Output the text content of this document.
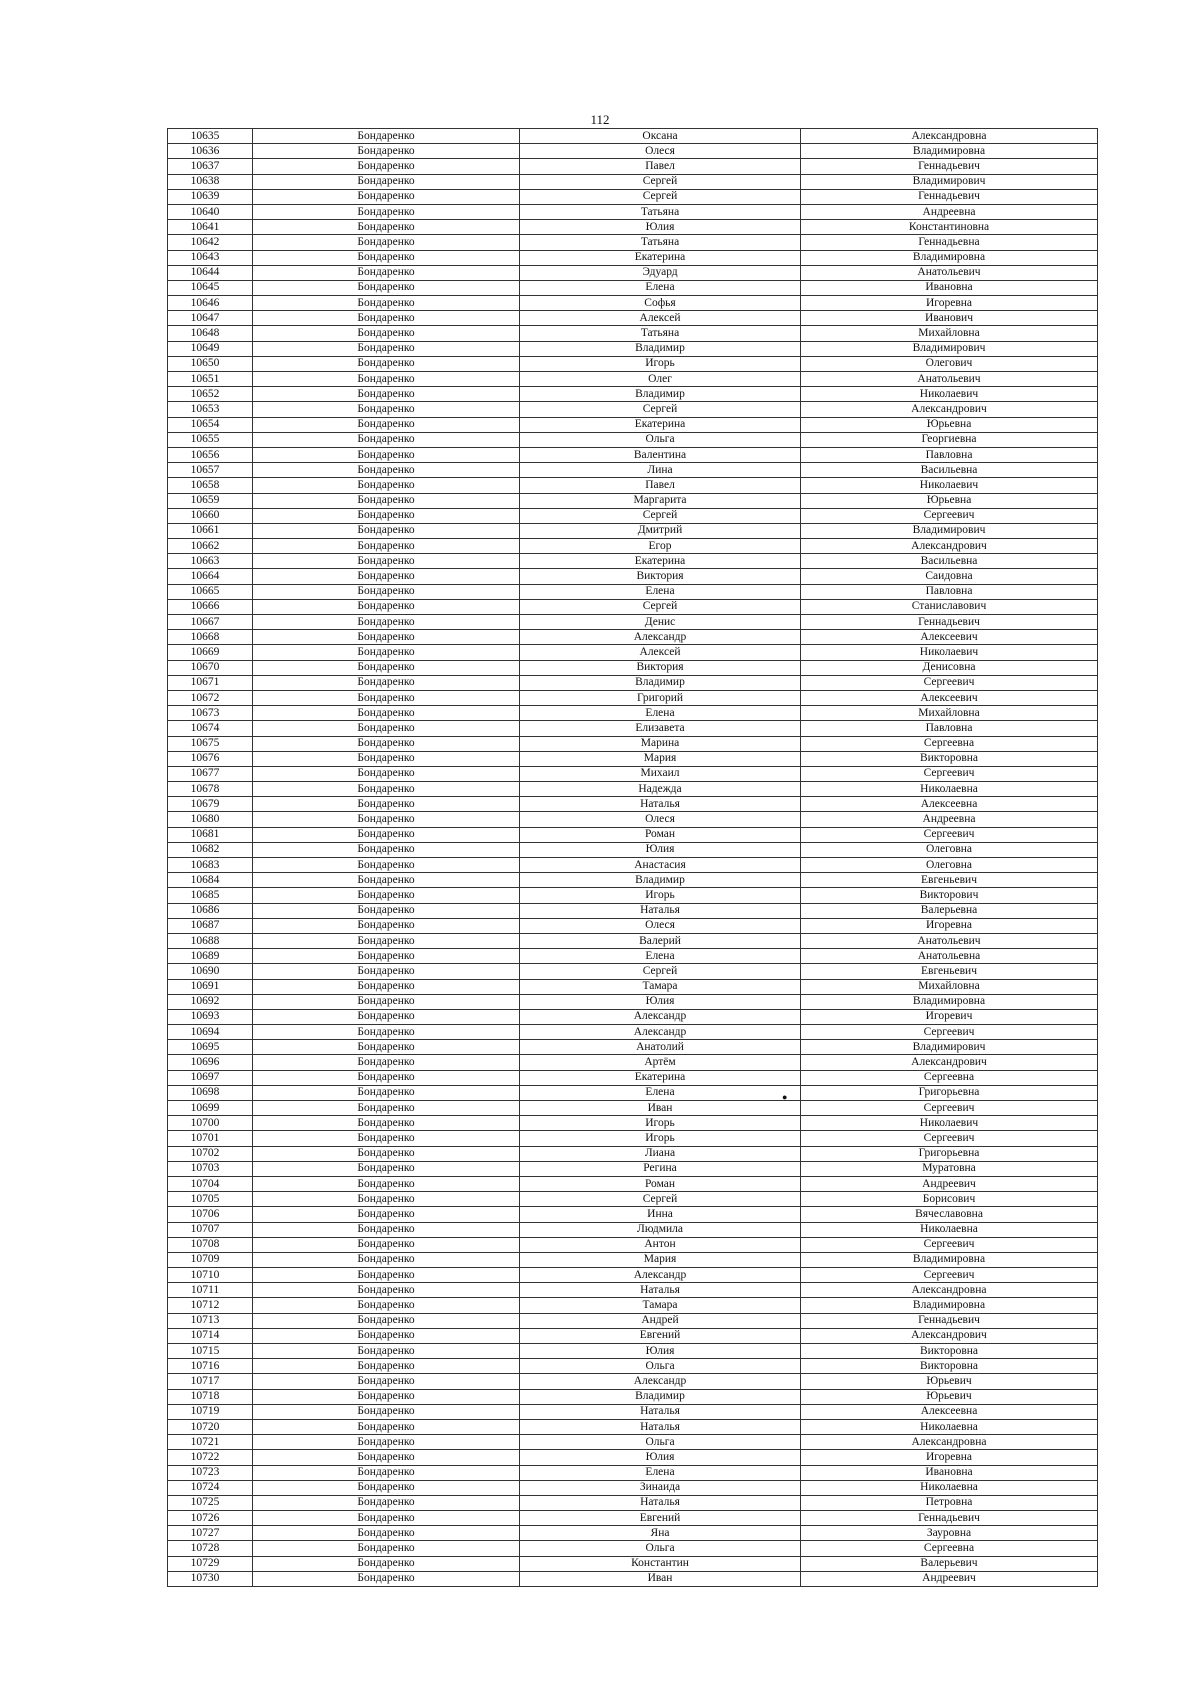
112
10635	Бондаренко	Оксана	Александровна
10636	Бондаренко	Олеся	Владимировна
10637	Бондаренко	Павел	Геннадьевич
10638	Бондаренко	Сергей	Владимирович
10639	Бондаренко	Сергей	Геннадьевич
10640	Бондаренко	Татьяна	Андреевна
10641	Бондаренко	Юлия	Константиновна
10642	Бондаренко	Татьяна	Геннадьевна
10643	Бондаренко	Екатерина	Владимировна
10644	Бондаренко	Эдуард	Анатольевич
10645	Бондаренко	Елена	Ивановна
10646	Бондаренко	Софья	Игоревна
10647	Бондаренко	Алексей	Иванович
10648	Бондаренко	Татьяна	Михайловна
10649	Бондаренко	Владимир	Владимирович
10650	Бондаренко	Игорь	Олегович
10651	Бондаренко	Олег	Анатольевич
10652	Бондаренко	Владимир	Николаевич
10653	Бондаренко	Сергей	Александрович
10654	Бондаренко	Екатерина	Юрьевна
10655	Бондаренко	Ольга	Георгиевна
10656	Бондаренко	Валентина	Павловна
10657	Бондаренко	Лина	Васильевна
10658	Бондаренко	Павел	Николаевич
10659	Бондаренко	Маргарита	Юрьевна
10660	Бондаренко	Сергей	Сергеевич
10661	Бондаренко	Дмитрий	Владимирович
10662	Бондаренко	Егор	Александрович
10663	Бондаренко	Екатерина	Васильевна
10664	Бондаренко	Виктория	Саидовна
10665	Бондаренко	Елена	Павловна
10666	Бондаренко	Сергей	Станиславович
10667	Бондаренко	Денис	Геннадьевич
10668	Бондаренко	Александр	Алексеевич
10669	Бондаренко	Алексей	Николаевич
10670	Бондаренко	Виктория	Денисовна
10671	Бондаренко	Владимир	Сергеевич
10672	Бондаренко	Григорий	Алексеевич
10673	Бондаренко	Елена	Михайловна
10674	Бондаренко	Елизавета	Павловна
10675	Бондаренко	Марина	Сергеевна
10676	Бондаренко	Мария	Викторовна
10677	Бондаренко	Михаил	Сергеевич
10678	Бондаренко	Надежда	Николаевна
10679	Бондаренко	Наталья	Алексеевна
10680	Бондаренко	Олеся	Андреевна
10681	Бондаренко	Роман	Сергеевич
10682	Бондаренко	Юлия	Олеговна
10683	Бондаренко	Анастасия	Олеговна
10684	Бондаренко	Владимир	Евгеньевич
10685	Бондаренко	Игорь	Викторович
10686	Бондаренко	Наталья	Валерьевна
10687	Бондаренко	Олеся	Игоревна
10688	Бондаренко	Валерий	Анатольевич
10689	Бондаренко	Елена	Анатольевна
10690	Бондаренко	Сергей	Евгеньевич
10691	Бондаренко	Тамара	Михайловна
10692	Бондаренко	Юлия	Владимировна
10693	Бондаренко	Александр	Игоревич
10694	Бондаренко	Александр	Сергеевич
10695	Бондаренко	Анатолий	Владимирович
10696	Бондаренко	Артём	Александрович
10697	Бондаренко	Екатерина	Сергеевна
10698	Бондаренко	Елена	Григорьевна
10699	Бондаренко	Иван	Сергеевич
10700	Бондаренко	Игорь	Николаевич
10701	Бондаренко	Игорь	Сергеевич
10702	Бондаренко	Лиана	Григорьевна
10703	Бондаренко	Регина	Муратовна
10704	Бондаренко	Роман	Андреевич
10705	Бондаренко	Сергей	Борисович
10706	Бондаренко	Инна	Вячеславовна
10707	Бондаренко	Людмила	Николаевна
10708	Бондаренко	Антон	Сергеевич
10709	Бондаренко	Мария	Владимировна
10710	Бондаренко	Александр	Сергеевич
10711	Бондаренко	Наталья	Александровна
10712	Бондаренко	Тамара	Владимировна
10713	Бондаренко	Андрей	Геннадьевич
10714	Бондаренко	Евгений	Александрович
10715	Бондаренко	Юлия	Викторовна
10716	Бондаренко	Ольга	Викторовна
10717	Бондаренко	Александр	Юрьевич
10718	Бондаренко	Владимир	Юрьевич
10719	Бондаренко	Наталья	Алексеевна
10720	Бондаренко	Наталья	Николаевна
10721	Бондаренко	Ольга	Александровна
10722	Бондаренко	Юлия	Игоревна
10723	Бондаренко	Елена	Ивановна
10724	Бондаренко	Зинаида	Николаевна
10725	Бондаренко	Наталья	Петровна
10726	Бондаренко	Евгений	Геннадьевич
10727	Бондаренко	Яна	Зауровна
10728	Бондаренко	Ольга	Сергеевна
10729	Бондаренко	Константин	Валерьевич
10730	Бондаренко	Иван	Андреевич
●
